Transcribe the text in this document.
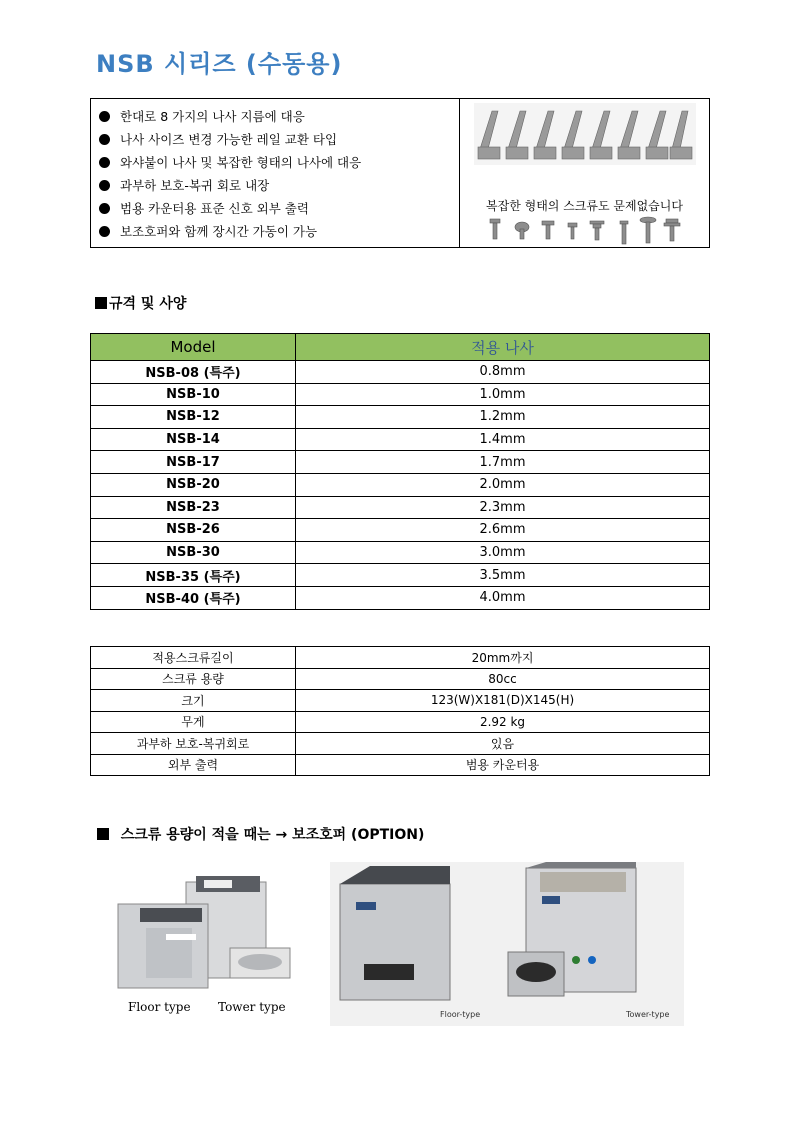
NSB 시리즈 (수동용)
한대로 8 가지의 나사 지름에 대응
나사 사이즈 변경 가능한 레일 교환 타입
와샤붙이 나사 및 복잡한 형태의 나사에 대응
과부하 보호-복귀 회로 내장
범용 카운터용 표준 신호 외부 출력
보조호퍼와 함께 장시간 가동이 가능
복잡한 형태의 스크류도 문제없습니다
규격 및 사양
Model	적용 나사
NSB-08 (특주)	0.8mm
NSB-10	1.0mm
NSB-12	1.2mm
NSB-14	1.4mm
NSB-17	1.7mm
NSB-20	2.0mm
NSB-23	2.3mm
NSB-26	2.6mm
NSB-30	3.0mm
NSB-35 (특주)	3.5mm
NSB-40 (특주)	4.0mm
적용스크류길이	20mm까지
스크류 용량	80cc
크기	123(W)X181(D)X145(H)
무게	2.92 kg
과부하 보호-복귀회로	있음
외부 출력	범용 카운터용
스크류 용량이 적을 때는 → 보조호퍼 (OPTION)
Floor type Tower type
Floor-type	Tower-type
